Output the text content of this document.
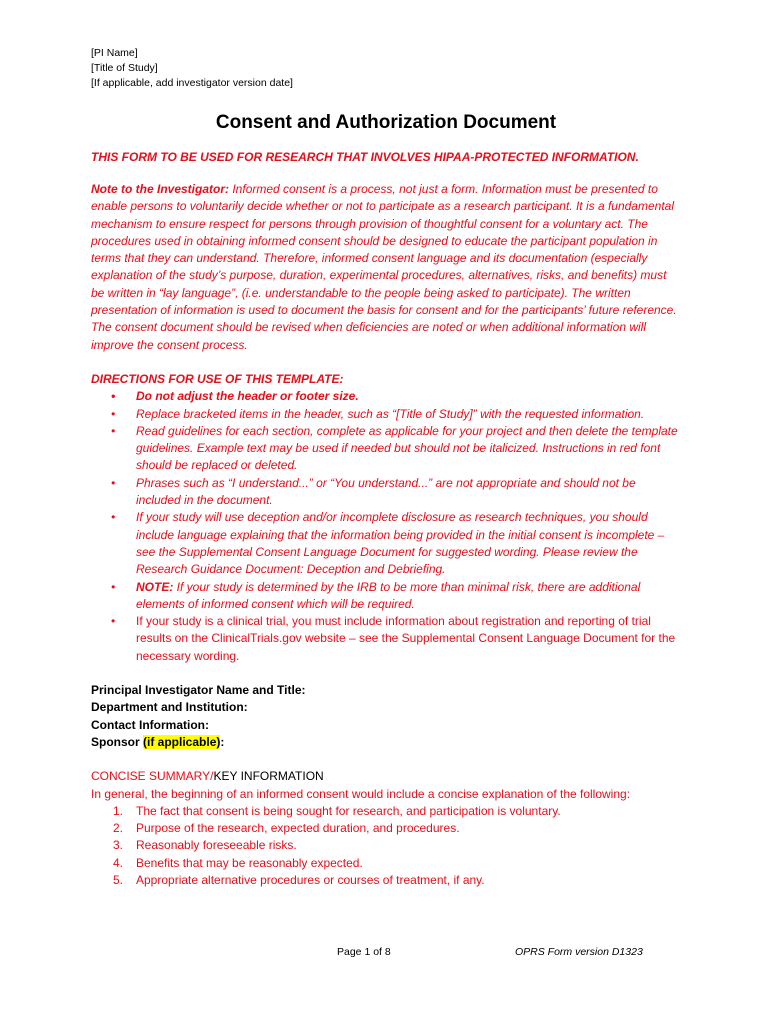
[PI Name]
[Title of Study]
[If applicable, add investigator version date]
Consent and Authorization Document
THIS FORM TO BE USED FOR RESEARCH THAT INVOLVES HIPAA-PROTECTED INFORMATION.
Note to the Investigator: Informed consent is a process, not just a form. Information must be presented to enable persons to voluntarily decide whether or not to participate as a research participant. It is a fundamental mechanism to ensure respect for persons through provision of thoughtful consent for a voluntary act. The procedures used in obtaining informed consent should be designed to educate the participant population in terms that they can understand. Therefore, informed consent language and its documentation (especially explanation of the study’s purpose, duration, experimental procedures, alternatives, risks, and benefits) must be written in “lay language”, (i.e. understandable to the people being asked to participate). The written presentation of information is used to document the basis for consent and for the participants’ future reference. The consent document should be revised when deficiencies are noted or when additional information will improve the consent process.
DIRECTIONS FOR USE OF THIS TEMPLATE:
• Do not adjust the header or footer size.
• Replace bracketed items in the header, such as “[Title of Study]” with the requested information.
• Read guidelines for each section, complete as applicable for your project and then delete the template guidelines. Example text may be used if needed but should not be italicized. Instructions in red font should be replaced or deleted.
• Phrases such as “I understand...” or “You understand...” are not appropriate and should not be included in the document.
• If your study will use deception and/or incomplete disclosure as research techniques, you should include language explaining that the information being provided in the initial consent is incomplete – see the Supplemental Consent Language Document for suggested wording. Please review the Research Guidance Document: Deception and Debriefing.
• NOTE: If your study is determined by the IRB to be more than minimal risk, there are additional elements of informed consent which will be required.
• If your study is a clinical trial, you must include information about registration and reporting of trial results on the ClinicalTrials.gov website – see the Supplemental Consent Language Document for the necessary wording.
Principal Investigator Name and Title:
Department and Institution:
Contact Information:
Sponsor (if applicable):
CONCISE SUMMARY/KEY INFORMATION
In general, the beginning of an informed consent would include a concise explanation of the following:
1. The fact that consent is being sought for research, and participation is voluntary.
2. Purpose of the research, expected duration, and procedures.
3. Reasonably foreseeable risks.
4. Benefits that may be reasonably expected.
5. Appropriate alternative procedures or courses of treatment, if any.
Page 1 of 8	OPRS Form version D1323
